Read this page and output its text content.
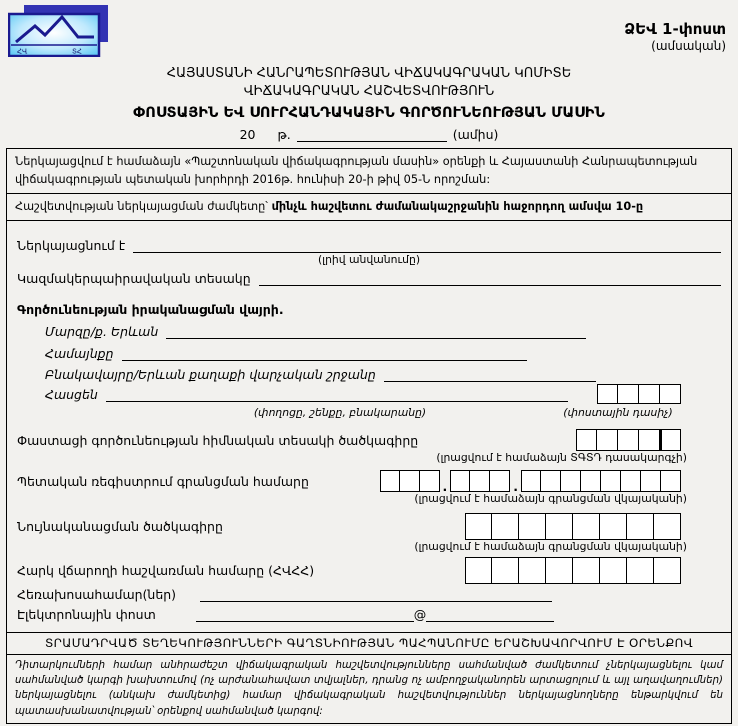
ՀՎ	ՏՀ
ՁԵՎ 1-փոստ
(ամսական)
ՀԱՅԱՍՏԱՆԻ ՀԱՆՐԱՊԵՏՈՒԹՅԱՆ ՎԻՃԱԿԱԳՐԱԿԱՆ ԿՈՄԻՏԵ
ՎԻՃԱԿԱԳՐԱԿԱՆ ՀԱՇՎԵՏՎՈՒԹՅՈՒՆ
ՓՈՍՏԱՅԻՆ ԵՎ ՍՈՒՐՀԱՆԴԱԿԱՅԻՆ ԳՈՐԾՈՒՆԵՈՒԹՅԱՆ ՄԱՍԻՆ
20 թ.	(ամիս)
Ներկայացվում է համաձայն «Պաշտոնական վիճակագրության մասին» օրենքի և Հայաստանի Հանրապետության վիճակագրության պետական խորհրդի 2016թ. հունիսի 20-ի թիվ 05-Ն որոշման:
Հաշվետվության ներկայացման ժամկետը՝ մինչև հաշվետու ժամանակաշրջանին հաջորդող ամսվա 10-ը
Ներկայացնում է
(լրիվ անվանումը)
Կազմակերպաիրավական տեսակը
Գործունեության իրականացման վայրի.
Մարզը/ք. Երևան
Համայնքը
Բնակավայրը/Երևան քաղաքի վարչական շրջանը
Հասցեն
(փողոցը, շենքը, բնակարանը)	(փոստային դասիչ)
Փաստացի գործունեության հիմնական տեսակի ծածկագիրը
(լրացվում է համաձայն ՏԳՏԴ դասակարգչի)
Պետական ռեգիստրում գրանցման համարը	.	.
(լրացվում է համաձայն գրանցման վկայականի)
Նույնականացման ծածկագիրը
(լրացվում է համաձայն գրանցման վկայականի)
Հարկ վճարողի հաշվառման համարը (ՀՎՀՀ)
Հեռախոսահամար(ներ)
Էլեկտրոնային փոստ	@
ՏՐԱՄԱԴՐՎԱԾ ՏԵՂԵԿՈՒԹՅՈՒՆՆԵՐԻ ԳԱՂՏՆԻՈՒԹՅԱՆ ՊԱՀՊԱՆՈՒՄԸ ԵՐԱՇԽԱՎՈՐՎՈՒՄ Է ՕՐԵՆՔՈՎ
Դիտարկումների համար անհրաժեշտ վիճակագրական հաշվետվությունները սահմանված ժամկետում չներկայացնելու կամ սահմանված կարգի խախտումով (ոչ արժանահավատ տվյալներ, դրանց ոչ ամբողջականորեն արտացոլում և այլ աղավաղումներ) ներկայացնելու (անկախ ժամկետից) համար վիճակագրական հաշվետվություններ ներկայացնողները ենթարկվում են պատասխանատվության՝ օրենքով սահմանված կարգով:
